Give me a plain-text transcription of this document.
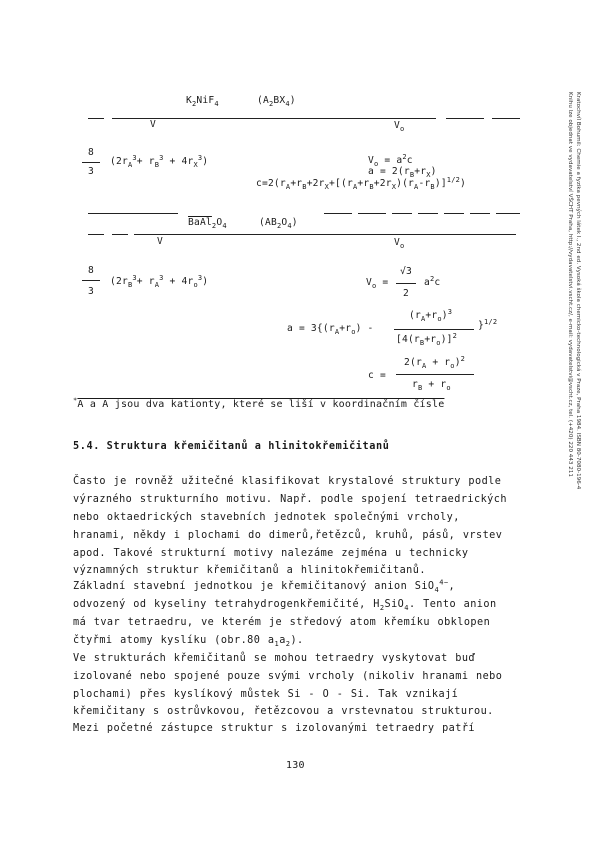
Kratochvíl Bohumil: Chemie a fyzika pevných látek I., 2nd ed. Vysoká škola chemicko-technologická v Praze, Praha 1984. ISBN 80-7080-196-4
Knihu lze objednat ve vydavatelství VŠCHT Praha, http://vydavatelstvi.vscht.cz/, e-mail: vydavatelstvi@vscht.cz, tel. (+420) 220 443 211
$K_2NiF_4$	$(A_2BX_4)$
V	$V_o$
8
3
$(2r_A^3+ r_B^3 + 4r_X^3)$	$V_o = a^2c$
$a = 2(r_B+r_X)$
$c=2(r_A+r_B+2r_X+[(r_A+r_B+2r_X)(r_A-r_B)]^{1/2})$
$BaAl_2O_4$	$(AB_2O_4)$
V	$V_o$
8
3
$(2r_B^3+ r_A^3 + 4r_o^3)$	$V_o$ =
√3
2
$a^2c$
$a = 3\{(r_A+r_o)$ -
$(r_A+r_o)^3$
$[4(r_B+r_o)]^2$
}$^{1/2}$
c =
$2(r_A + r_o)^2$
$r_B + r_o$
*A a A jsou dva kationty, které se liší v koordinačním čísle
5.4. Struktura křemičitanů a hlinitokřemičitanů
Často je rovněž užitečné klasifikovat krystalové struktury podle
výrazného strukturního motivu. Např. podle spojení tetraedrických
nebo oktaedrických stavebních jednotek společnými vrcholy,
hranami, někdy i plochami do dimerů,řetězců, kruhů, pásů, vrstev
apod. Takové strukturní motivy nalezáme zejména u technicky
významných struktur křemičitanů a hlinitokřemičitanů.
Základní stavební jednotkou je křemičitanový anion SiO$_4^{4-}$,
odvozený od kyseliny tetrahydrogenkřemičité, $H_2SiO_4$. Tento anion
má tvar tetraedru, ve kterém je středový atom křemíku obklopen
čtyřmi atomy kyslíku (obr.80 $a_1a_2$).
Ve strukturách křemičitanů se mohou tetraedry vyskytovat buď
izolované nebo spojené pouze svými vrcholy (nikoliv hranami nebo
plochami) přes kyslíkový můstek Si - O - Si. Tak vznikají
křemičitany s ostrůvkovou, řetězcovou a vrstevnatou strukturou.
Mezi početné zástupce struktur s izolovanými tetraedry patří
130
